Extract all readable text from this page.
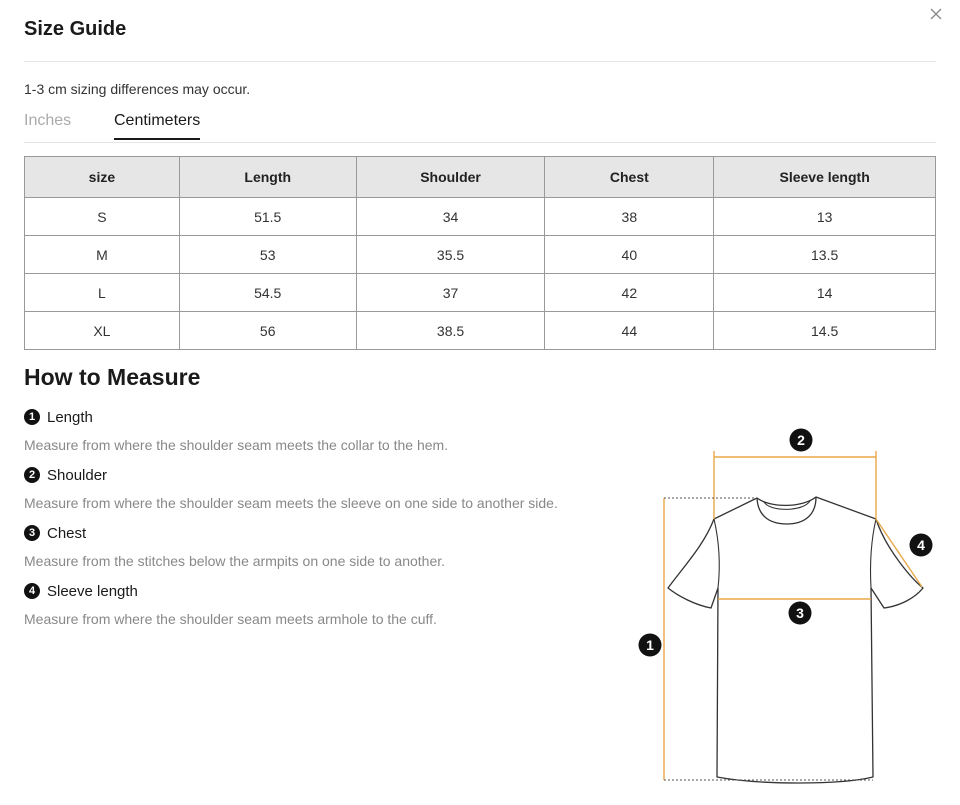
Size Guide
1-3 cm sizing differences may occur.
Inches	Centimeters
size	Length	Shoulder	Chest	Sleeve length
S	51.5	34	38	13
M	53	35.5	40	13.5
L	54.5	37	42	14
XL	56	38.5	44	14.5
How to Measure
1 Length
Measure from where the shoulder seam meets the collar to the hem.
2 Shoulder
Measure from where the shoulder seam meets the sleeve on one side to another side.
3 Chest
Measure from the stitches below the armpits on one side to another.
4 Sleeve length
Measure from where the shoulder seam meets armhole to the cuff.
2
4
3
1
